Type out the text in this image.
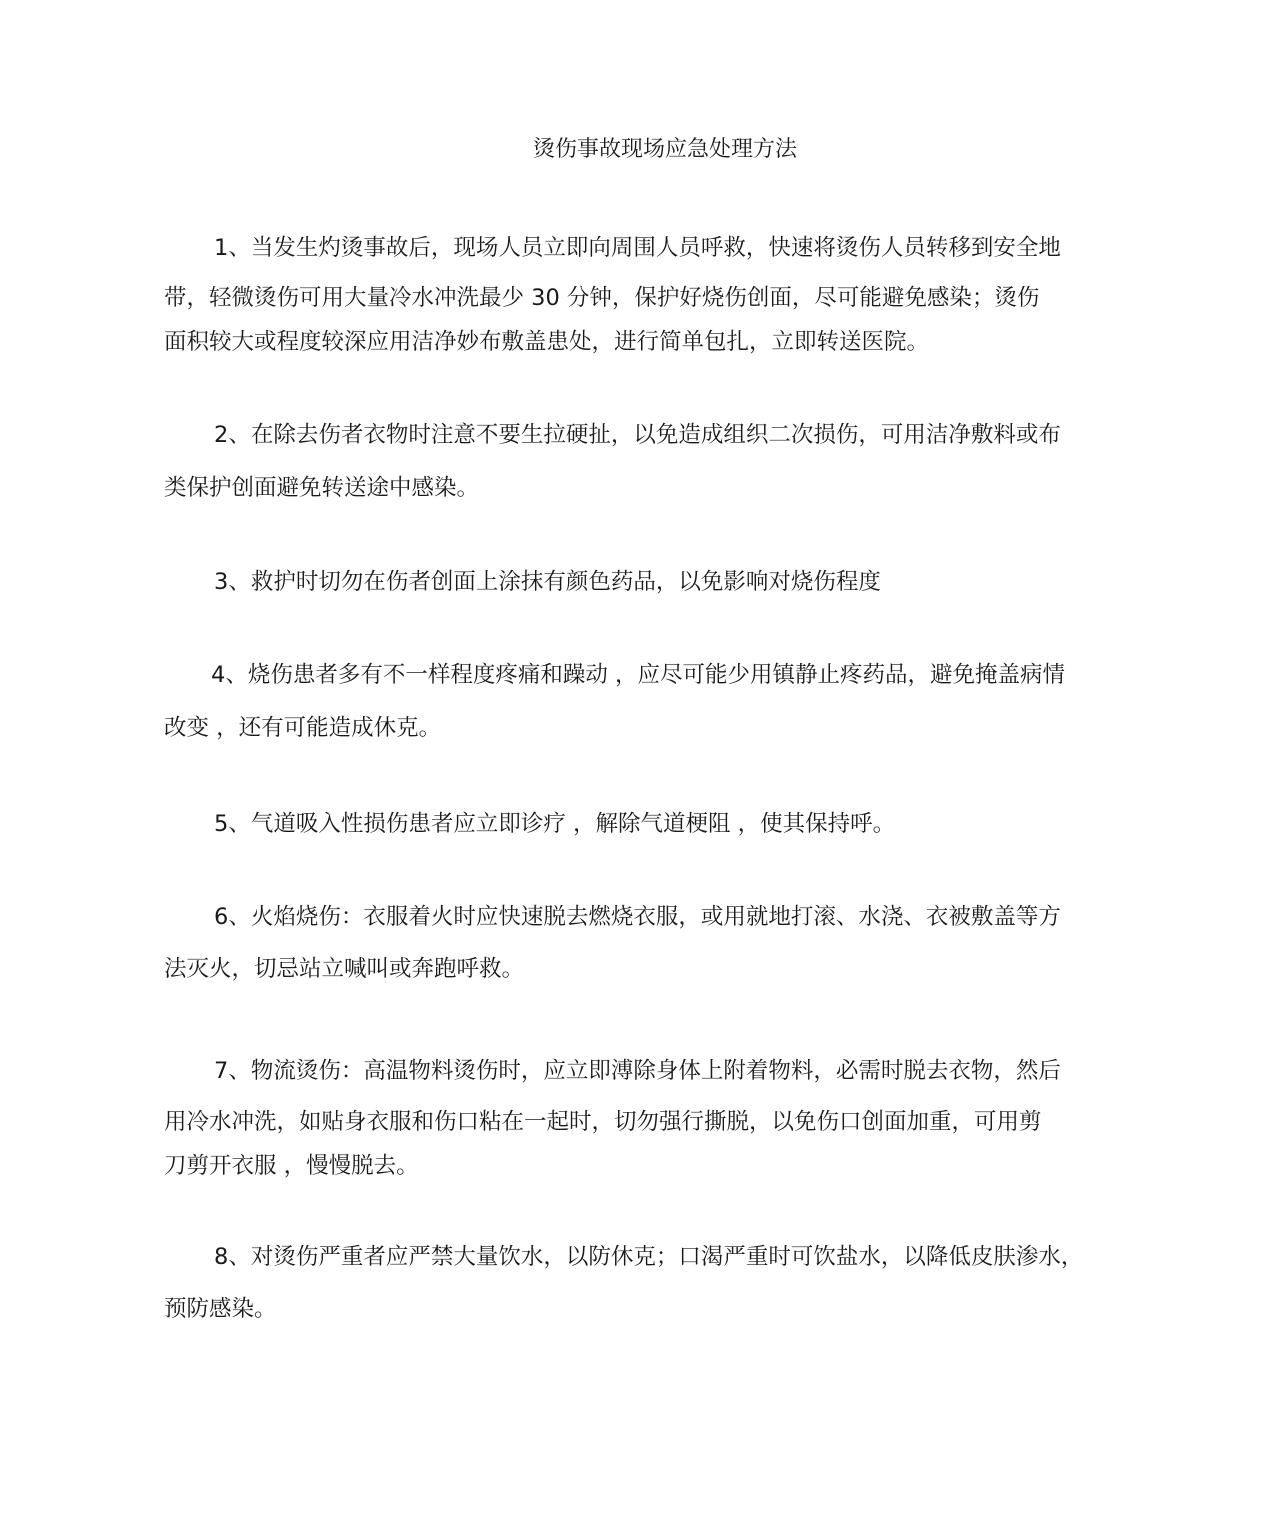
烫伤事故现场应急处理方法
1、当发生灼烫事故后，现场人员立即向周围人员呼救，快速将烫伤人员转移到安全地
带，轻微烫伤可用大量冷水冲洗最少 30 分钟，保护好烧伤创面，尽可能避免感染；烫伤
面积较大或程度较深应用洁净妙布敷盖患处，进行简单包扎，立即转送医院。
2、在除去伤者衣物时注意不要生拉硬扯，以免造成组织二次损伤，可用洁净敷料或布
类保护创面避免转送途中感染。
3、救护时切勿在伤者创面上涂抹有颜色药品，以免影响对烧伤程度
4、烧伤患者多有不一样程度疼痛和躁动 ，应尽可能少用镇静止疼药品，避免掩盖病情
改变 ，还有可能造成休克。
5、气道吸入性损伤患者应立即诊疗 ，解除气道梗阻 ，使其保持呼。
6、火焰烧伤：衣服着火时应快速脱去燃烧衣服，或用就地打滚、水浇、衣被敷盖等方
法灭火，切忌站立喊叫或奔跑呼救。
7、物流烫伤：高温物料烫伤时，应立即溥除身体上附着物料，必需时脱去衣物，然后
用冷水冲洗，如贴身衣服和伤口粘在一起时，切勿强行撕脱，以免伤口创面加重，可用剪
刀剪开衣服 ，慢慢脱去。
8、对烫伤严重者应严禁大量饮水，以防休克；口渴严重时可饮盐水，以降低皮肤渗水，
预防感染。
